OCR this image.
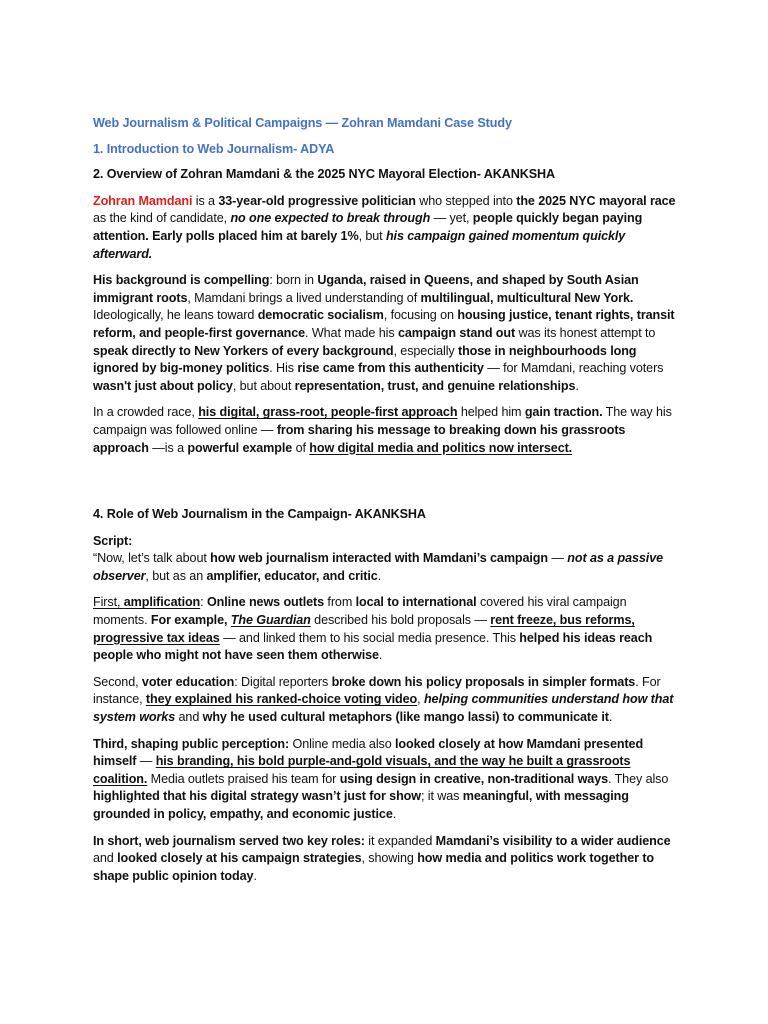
Web Journalism & Political Campaigns — Zohran Mamdani Case Study

1. Introduction to Web Journalism- ADYA

2. Overview of Zohran Mamdani & the 2025 NYC Mayoral Election- AKANKSHA

Zohran Mamdani is a 33-year-old progressive politician who stepped into the 2025 NYC mayoral race as the kind of candidate, no one expected to break through — yet, people quickly began paying attention. Early polls placed him at barely 1%, but his campaign gained momentum quickly afterward.

His background is compelling: born in Uganda, raised in Queens, and shaped by South Asian immigrant roots, Mamdani brings a lived understanding of multilingual, multicultural New York. Ideologically, he leans toward democratic socialism, focusing on housing justice, tenant rights, transit reform, and people-first governance. What made his campaign stand out was its honest attempt to speak directly to New Yorkers of every background, especially those in neighbourhoods long ignored by big-money politics. His rise came from this authenticity — for Mamdani, reaching voters wasn't just about policy, but about representation, trust, and genuine relationships.

In a crowded race, his digital, grass-root, people-first approach helped him gain traction. The way his campaign was followed online — from sharing his message to breaking down his grassroots approach —is a powerful example of how digital media and politics now intersect.

4. Role of Web Journalism in the Campaign- AKANKSHA

Script:
“Now, let’s talk about how web journalism interacted with Mamdani’s campaign — not as a passive observer, but as an amplifier, educator, and critic.

First, amplification: Online news outlets from local to international covered his viral campaign moments. For example, The Guardian described his bold proposals — rent freeze, bus reforms, progressive tax ideas — and linked them to his social media presence. This helped his ideas reach people who might not have seen them otherwise.

Second, voter education: Digital reporters broke down his policy proposals in simpler formats. For instance, they explained his ranked-choice voting video, helping communities understand how that system works and why he used cultural metaphors (like mango lassi) to communicate it.

Third, shaping public perception: Online media also looked closely at how Mamdani presented himself — his branding, his bold purple-and-gold visuals, and the way he built a grassroots coalition. Media outlets praised his team for using design in creative, non-traditional ways. They also highlighted that his digital strategy wasn’t just for show; it was meaningful, with messaging grounded in policy, empathy, and economic justice.

In short, web journalism served two key roles: it expanded Mamdani’s visibility to a wider audience and looked closely at his campaign strategies, showing how media and politics work together to shape public opinion today.
